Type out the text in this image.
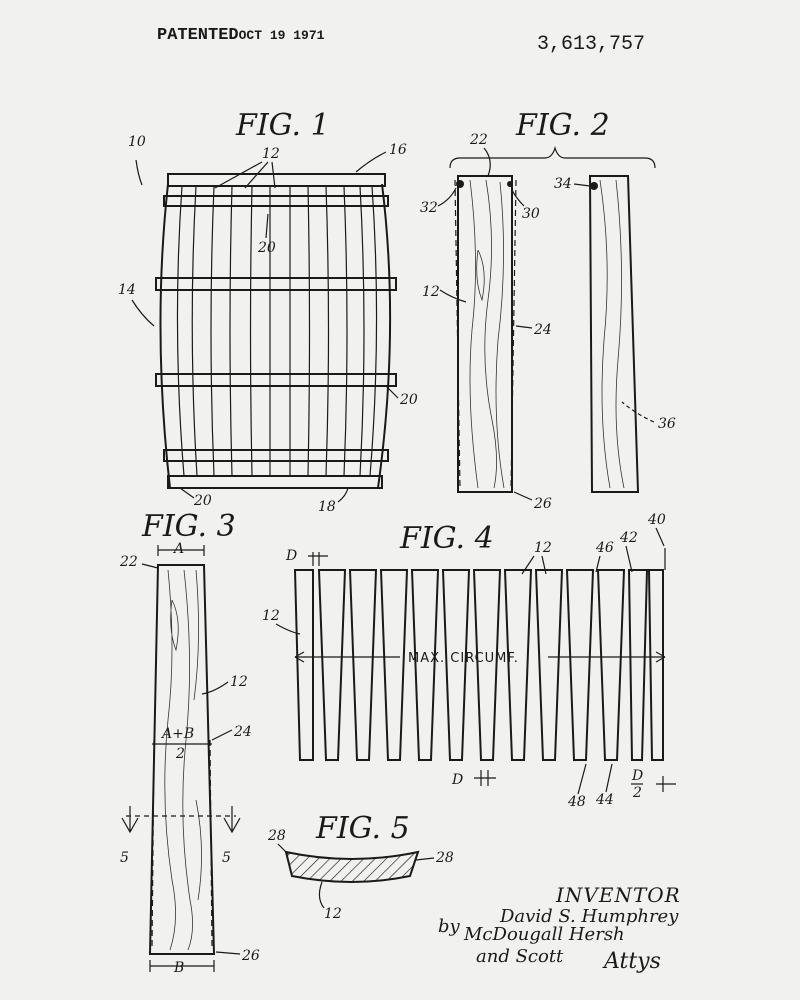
PATENTEDOCT 19 1971	3,613,757
FIG. 1
10
12	16
14
20
20
20	18
FIG. 2
22
32	30
34
12
24
36
26
FIG. 3
A
A+B
2
5	5
B
22
12
24
26
FIG. 4
MAX. CIRCUMF.
D
D	D
2
12
12	46
42
40
48 44
FIG. 5
28
28
12
INVENTOR
David S. Humphrey
by McDougall Hersh
and Scott Attys
